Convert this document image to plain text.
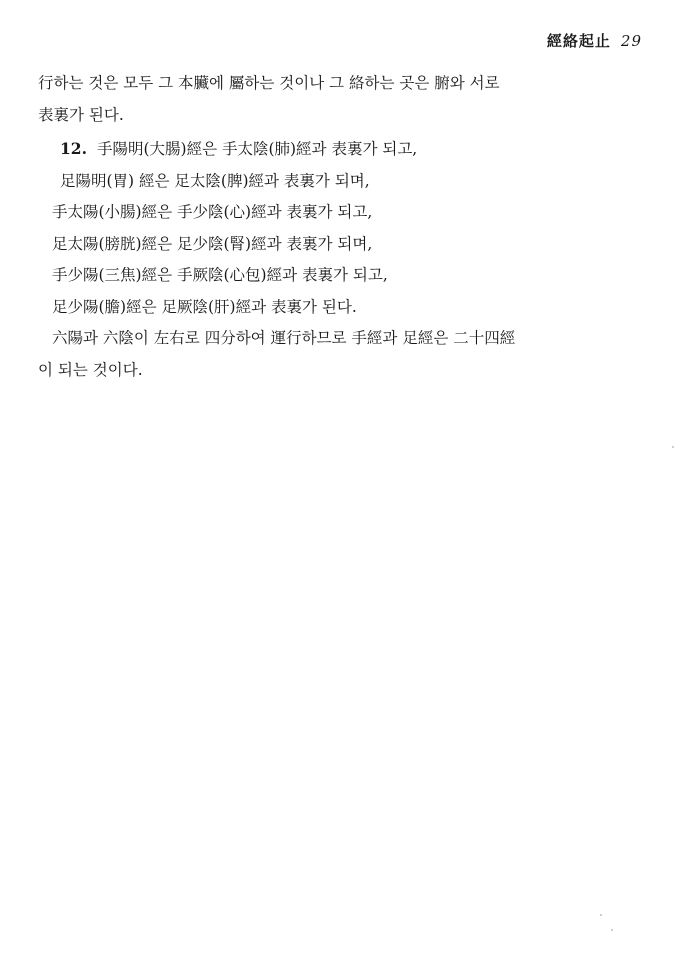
經絡起止 29
行하는 것은 모두 그 本臟에 屬하는 것이나 그 絡하는 곳은 腑와 서로
表裏가 된다.
12. 手陽明(大腸)經은 手太陰(肺)經과 表裏가 되고,
足陽明(胃) 經은 足太陰(脾)經과 表裏가 되며,
手太陽(小腸)經은 手少陰(心)經과 表裏가 되고,
足太陽(膀胱)經은 足少陰(腎)經과 表裏가 되며,
手少陽(三焦)經은 手厥陰(心包)經과 表裏가 되고,
足少陽(膽)經은 足厥陰(肝)經과 表裏가 된다.
六陽과 六陰이 左右로 四分하여 運行하므로 手經과 足經은 二十四經
이 되는 것이다.
